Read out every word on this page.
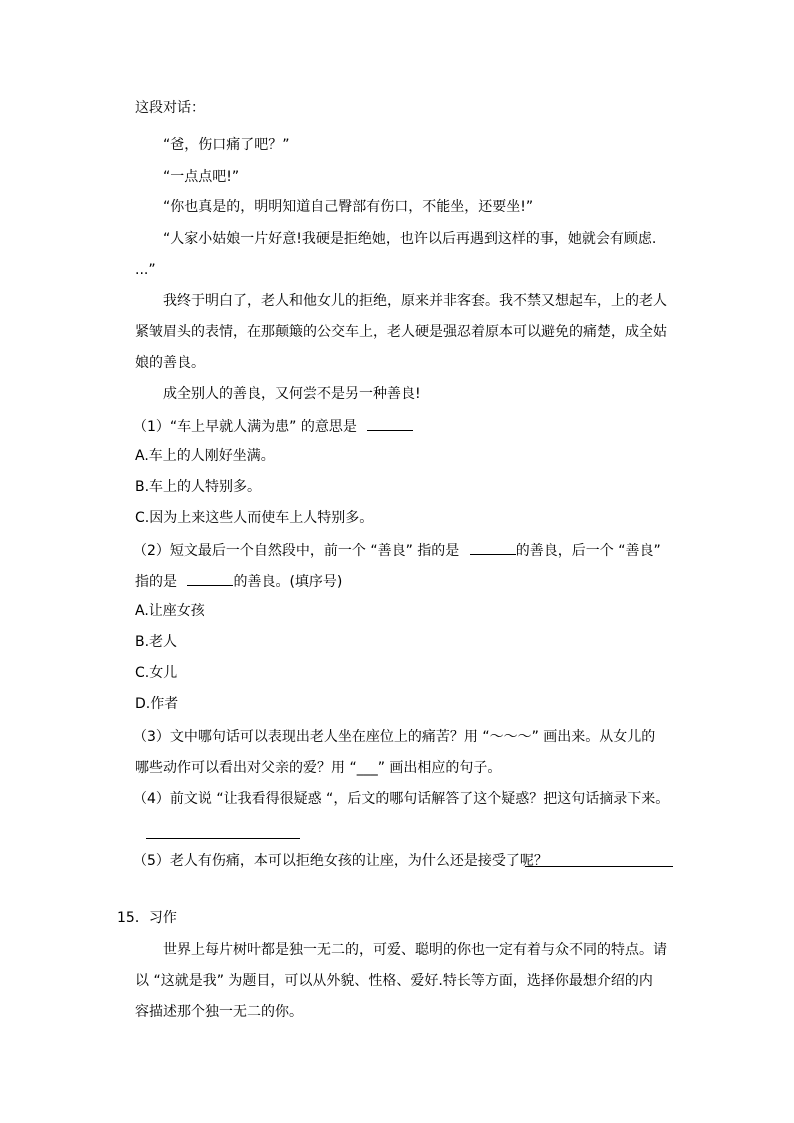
这段对话：
“爸，伤口痛了吧？”
“一点点吧!”
“你也真是的，明明知道自己臀部有伤口，不能坐，还要坐!”
“人家小姑娘一片好意!我硬是拒绝她，也许以后再遇到这样的事，她就会有顾虑.
...”
我终于明白了，老人和他女儿的拒绝，原来并非客套。我不禁又想起车，上的老人
紧皱眉头的表情，在那颠簸的公交车上，老人硬是强忍着原本可以避免的痛楚，成全姑
娘的善良。
成全别人的善良，又何尝不是另一种善良!
（1）“车上早就人满为患” 的意思是
A.车上的人刚好坐满。
B.车上的人特别多。
C.因为上来这些人而使车上人特别多。
（2）短文最后一个自然段中，前一个 “善良” 指的是	的善良，后一个 “善良”
指的是	的善良。(填序号)
A.让座女孩
B.老人
C.女儿
D.作者
（3）文中哪句话可以表现出老人坐在座位上的痛苦？用 “～～～” 画出来。从女儿的
哪些动作可以看出对父亲的爱？用 “___” 画出相应的句子。
（4）前文说 “让我看得很疑惑 “，后文的哪句话解答了这个疑惑？把这句话摘录下来。
（5）老人有伤痛，本可以拒绝女孩的让座，为什么还是接受了呢？
15．习作
世界上每片树叶都是独一无二的，可爱、聪明的你也一定有着与众不同的特点。请
以 “这就是我” 为题目，可以从外貌、性格、爱好.特长等方面，选择你最想介绍的内
容描述那个独一无二的你。
